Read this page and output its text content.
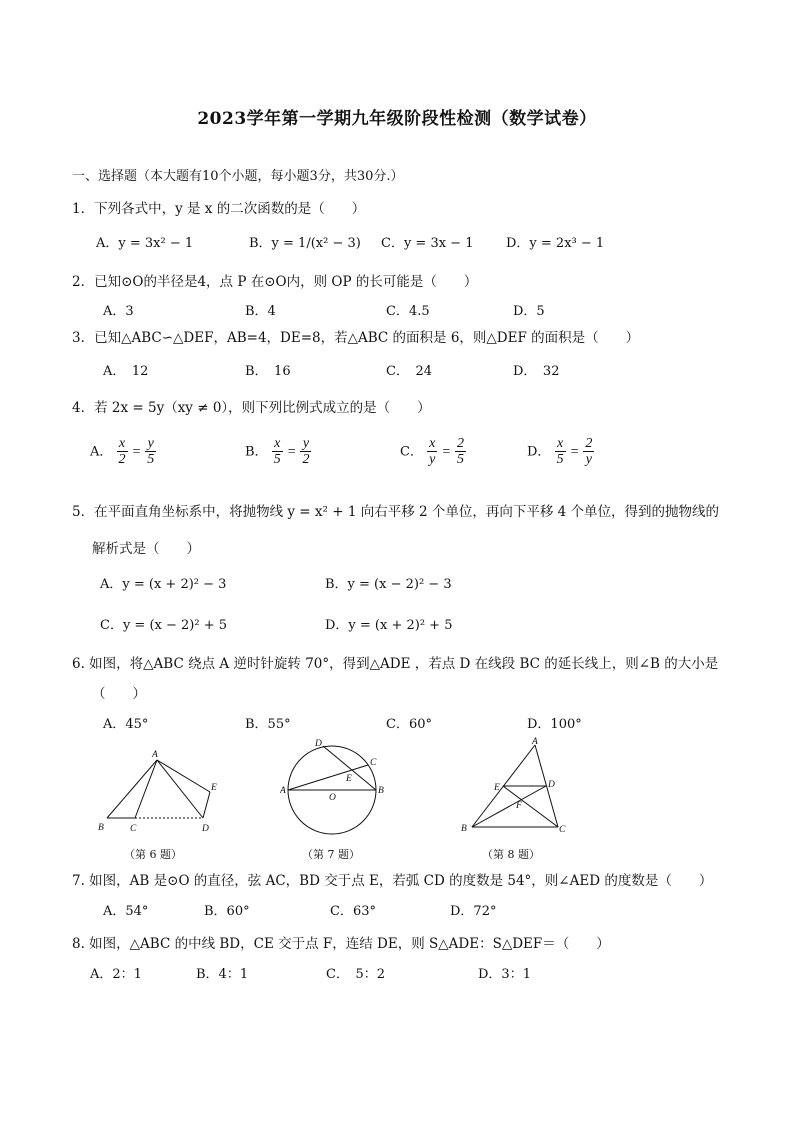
2023学年第一学期九年级阶段性检测（数学试卷）
一、选择题（本大题有10个小题，每小题3分，共30分.）
1．下列各式中，y 是 x 的二次函数的是（　　）
A．y = 3x² − 1	B．y = 1/(x² − 3) C．y = 3x − 1	D．y = 2x³ − 1
2．已知⊙O的半径是4，点 P 在⊙O内，则 OP 的长可能是（　　）
A．3	B．4	C．4.5	D．5
3．已知△ABC∽△DEF，AB=4，DE=8，若△ABC 的面积是 6，则△DEF 的面积是（　　）
A．　12	B．　16	C．　24	D．　32
4．若 2x = 5y（xy ≠ 0），则下列比例式成立的是（　　）
A． $\frac{x}{2} = \frac{y}{5}$	B． $\frac{x}{5} = \frac{y}{2}$	C． $\frac{x}{y} = \frac{2}{5}$	D． $\frac{x}{5} = \frac{2}{y}$
5．在平面直角坐标系中，将抛物线 y = x² + 1 向右平移 2 个单位，再向下平移 4 个单位，得到的抛物线的
解析式是（　　）
A．y = (x + 2)² − 3	B．y = (x − 2)² − 3
C．y = (x − 2)² + 5	D．y = (x + 2)² + 5
6. 如图，将△ABC 绕点 A 逆时针旋转 70°，得到△ADE ，若点 D 在线段 BC 的延长线上，则∠B 的大小是
（　　）
A．45°	B．55°	C．60°	D．100°
A
B	C	D
E
（第 6 题）
A	B
C
D
E
O
（第 7 题）
A
B	C
D
E
F
（第 8 题）
7. 如图，AB 是⊙O 的直径，弦 AC，BD 交于点 E，若弧 CD 的度数是 54°，则∠AED 的度数是（　　）
A．54°	B．60°	C．63°	D．72°
8. 如图，△ABC 的中线 BD，CE 交于点 F，连结 DE，则 S△ADE：S△DEF＝（　　）
A．2：1	B．4：1	C．　5：2	D．3：1
